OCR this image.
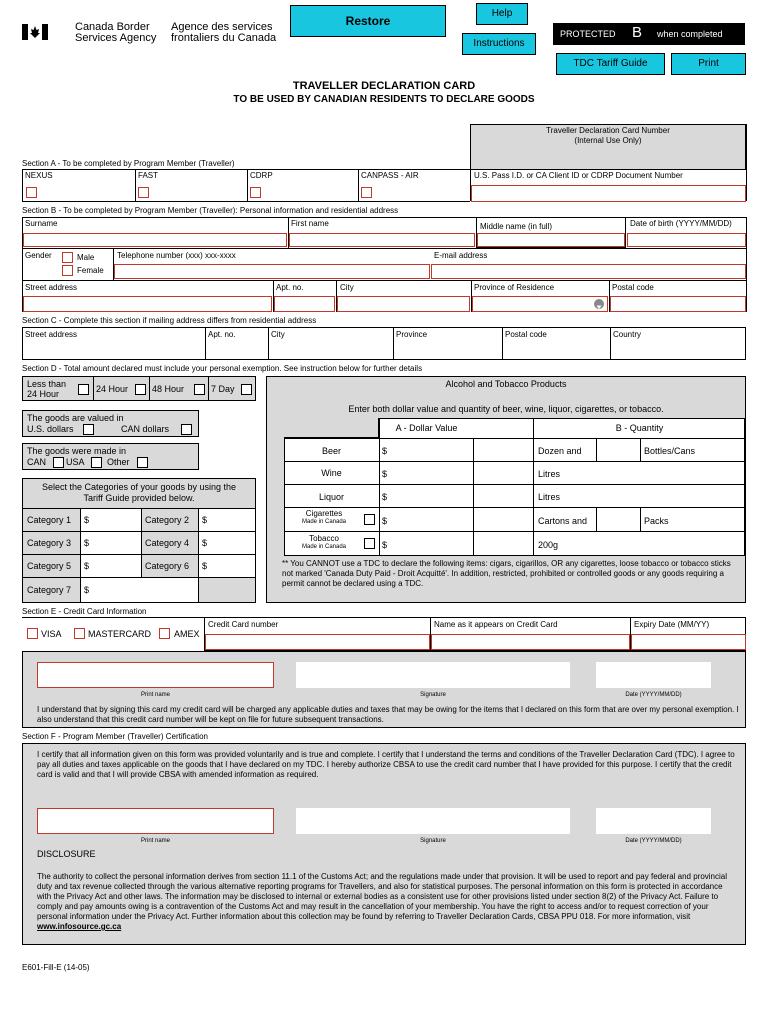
Canada Border
Services Agency
Agence des services
frontaliers du Canada
Restore
Help
Instructions
PROTECTED B when completed
TDC Tariff Guide	Print
TRAVELLER DECLARATION CARD
TO BE USED BY CANADIAN RESIDENTS TO DECLARE GOODS
Traveller Declaration Card Number
(Internal Use Only)
Section A - To be completed by Program Member (Traveller)
NEXUS	FAST	CDRP	CANPASS - AIR	U.S. Pass I.D. or CA Client ID or CDRP Document Number
Section B - To be completed by Program Member (Traveller): Personal information and residential address
Surname	First name	Middle name (in full)	Date of birth (YYYY/MM/DD)
Gender	Male
Female
Telephone number (xxx) xxx-xxxx	E-mail address
Street address	Apt. no.	City	Province of Residence	Postal code
Section C - Complete this section if mailing address differs from residential address
Street address	Apt. no.	City	Province	Postal code	Country
Section D - Total amount declared must include your personal exemption. See instruction below for further details
Less than
24 Hour	24 Hour	48 Hour	7 Day
The goods are valued in
U.S. dollars	CAN dollars
The goods were made in
CAN USA Other
Select the Categories of your goods by using the
Tariff Guide provided below.
Category 1 $	Category 2 $
Category 3 $	Category 4 $
Category 5 $	Category 6 $
Category 7 $
Alcohol and Tobacco Products
Enter both dollar value and quantity of beer, wine, liquor, cigarettes, or tobacco.
A - Dollar Value	B - Quantity
Beer	$	Dozen and	Bottles/Cans
Wine	$	Litres
Liquor	$	Litres
Cigarettes
Made in Canada	$	Cartons and	Packs
Tobacco
Made in Canada	$	200g
** You CANNOT use a TDC to declare the following items: cigars, cigarillos, OR any cigarettes, loose tobacco or tobacco sticks not marked 'Canada Duty Paid - Droit Acquitté'. In addition, restricted, prohibited or controlled goods or any goods requiring a permit cannot be declared using a TDC.
Section E - Credit Card Information
VISA	MASTERCARD	AMEX
Credit Card number	Name as it appears on Credit Card	Expiry Date (MM/YY)
Print name	Signature	Date (YYYY/MM/DD)
I understand that by signing this card my credit card will be charged any applicable duties and taxes that may be owing for the items that I declared on this form that are over my personal exemption. I also understand that this credit card number will be kept on file for future subsequent transactions.
Section F - Program Member (Traveller) Certification
I certify that all information given on this form was provided voluntarily and is true and complete. I certify that I understand the terms and conditions of the Traveller Declaration Card (TDC). I agree to pay all duties and taxes applicable on the goods that I have declared on my TDC. I hereby authorize CBSA to use the credit card number that I have provided for this purpose. I certify that the credit card is valid and that I will provide CBSA with amended information as required.
Print name	Signature	Date (YYYY/MM/DD)
DISCLOSURE
The authority to collect the personal information derives from section 11.1 of the Customs Act; and the regulations made under that provision. It will be used to report and pay federal and provincial duty and tax revenue collected through the various alternative reporting programs for Travellers, and also for statistical purposes. The personal information on this form is protected in accordance with the Privacy Act and other laws. The information may be disclosed to internal or external bodies as a consistent use for other provisions listed under section 8(2) of the Privacy Act. Failure to comply and pay amounts owing is a contravention of the Customs Act and may result in the cancellation of your membership. You have the right to access and/or to request correction of your personal information under the Privacy Act. Further information about this collection may be found by referring to Traveller Declaration Cards, CBSA PPU 018. For more information, visit www.infosource.gc.ca
E601-Fill-E (14-05)
